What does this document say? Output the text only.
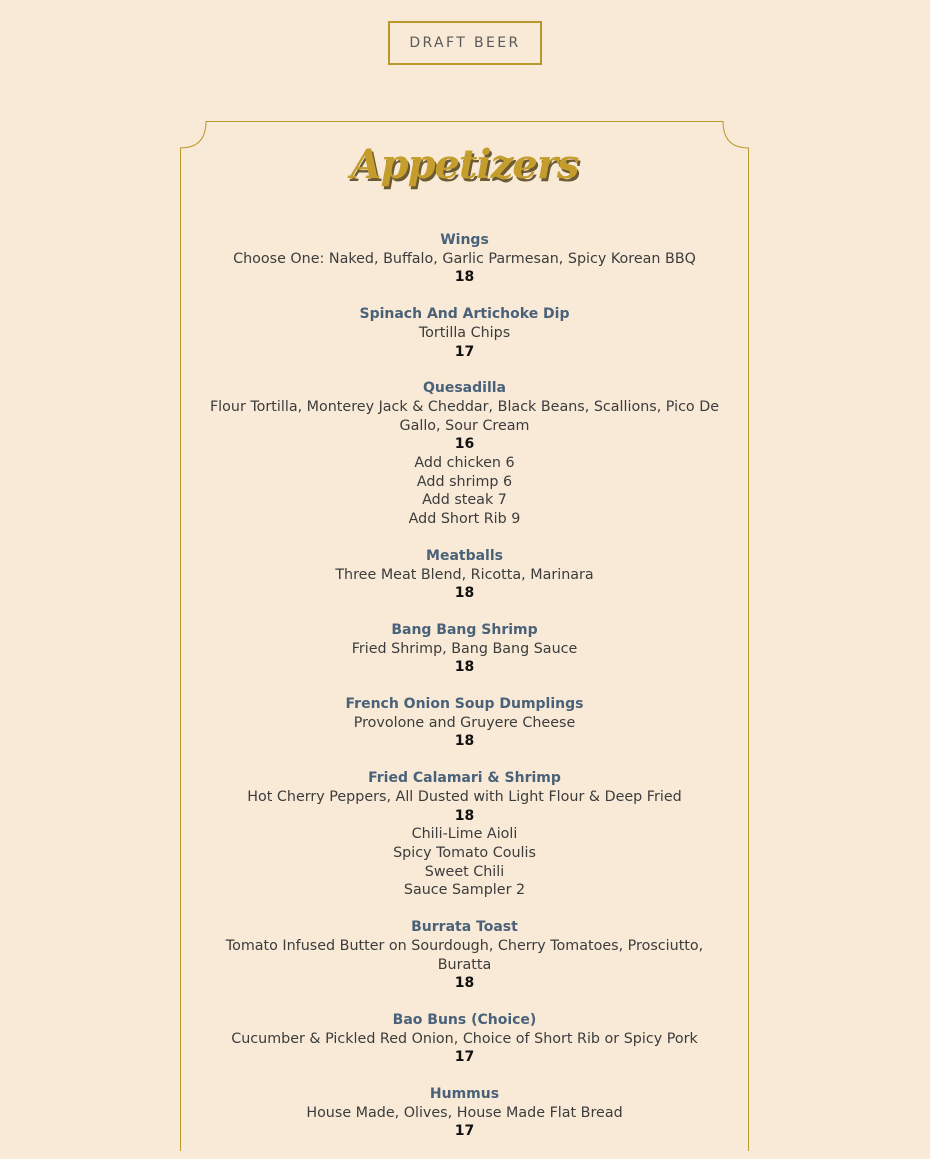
DRAFT BEER
Appetizers
Wings
Choose One: Naked, Buffalo, Garlic Parmesan, Spicy Korean BBQ
18
Spinach And Artichoke Dip
Tortilla Chips
17
Quesadilla
Flour Tortilla, Monterey Jack & Cheddar, Black Beans, Scallions, Pico De Gallo, Sour Cream
16
Add chicken 6
Add shrimp 6
Add steak 7
Add Short Rib 9
Meatballs
Three Meat Blend, Ricotta, Marinara
18
Bang Bang Shrimp
Fried Shrimp, Bang Bang Sauce
18
French Onion Soup Dumplings
Provolone and Gruyere Cheese
18
Fried Calamari & Shrimp
Hot Cherry Peppers, All Dusted with Light Flour & Deep Fried
18
Chili-Lime Aioli
Spicy Tomato Coulis
Sweet Chili
Sauce Sampler 2
Burrata Toast
Tomato Infused Butter on Sourdough, Cherry Tomatoes, Prosciutto, Buratta
18
Bao Buns (Choice)
Cucumber & Pickled Red Onion, Choice of Short Rib or Spicy Pork
17
Hummus
House Made, Olives, House Made Flat Bread
17
